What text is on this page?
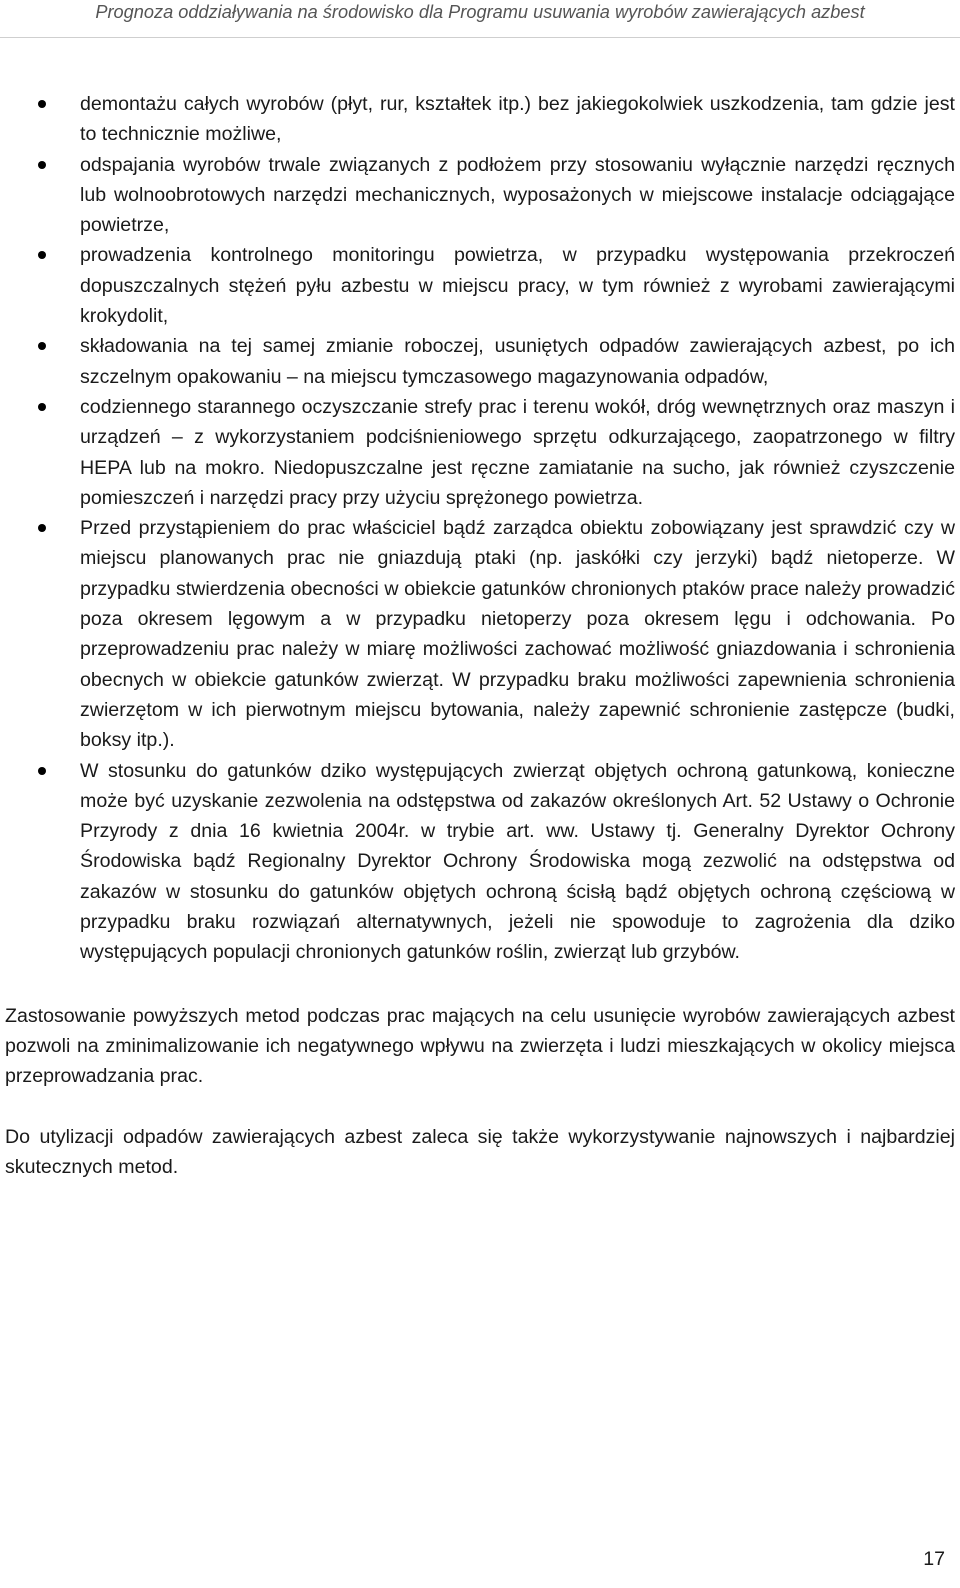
Prognoza oddziaływania na środowisko dla Programu usuwania wyrobów zawierających azbest
demontażu całych wyrobów (płyt, rur, kształtek itp.) bez jakiegokolwiek uszkodzenia, tam gdzie jest to technicznie możliwe,
odspajania wyrobów trwale związanych z podłożem przy stosowaniu wyłącznie narzędzi ręcznych lub wolnoobrotowych narzędzi mechanicznych, wyposażonych w miejscowe instalacje odciągające powietrze,
prowadzenia kontrolnego monitoringu powietrza, w przypadku występowania przekroczeń dopuszczalnych stężeń pyłu azbestu w miejscu pracy, w tym również z wyrobami zawierającymi krokydolit,
składowania na tej samej zmianie roboczej, usuniętych odpadów zawierających azbest, po ich szczelnym opakowaniu – na miejscu tymczasowego magazynowania odpadów,
codziennego starannego oczyszczanie strefy prac i terenu wokół, dróg wewnętrznych oraz maszyn i urządzeń – z wykorzystaniem podciśnieniowego sprzętu odkurzającego, zaopatrzonego w filtry HEPA lub na mokro. Niedopuszczalne jest ręczne zamiatanie na sucho, jak również czyszczenie pomieszczeń i narzędzi pracy przy użyciu sprężonego powietrza.
Przed przystąpieniem do prac właściciel bądź zarządca obiektu zobowiązany jest sprawdzić czy w miejscu planowanych prac nie gniazdują ptaki (np. jaskółki czy jerzyki) bądź nietoperze. W przypadku stwierdzenia obecności w obiekcie gatunków chronionych ptaków prace należy prowadzić poza okresem lęgowym a w przypadku nietoperzy poza okresem lęgu i odchowania. Po przeprowadzeniu prac należy w miarę możliwości zachować możliwość gniazdowania i schronienia obecnych w obiekcie gatunków zwierząt. W przypadku braku możliwości zapewnienia schronienia zwierzętom w ich pierwotnym miejscu bytowania, należy zapewnić schronienie zastępcze (budki, boksy itp.).
W stosunku do gatunków dziko występujących zwierząt objętych ochroną gatunkową, konieczne może być uzyskanie zezwolenia na odstępstwa od zakazów określonych Art. 52 Ustawy o Ochronie Przyrody z dnia 16 kwietnia 2004r. w trybie art. ww. Ustawy tj. Generalny Dyrektor Ochrony Środowiska bądź Regionalny Dyrektor Ochrony Środowiska mogą zezwolić na odstępstwa od zakazów w stosunku do gatunków objętych ochroną ścisłą bądź objętych ochroną częściową w przypadku braku rozwiązań alternatywnych, jeżeli nie spowoduje to zagrożenia dla dziko występujących populacji chronionych gatunków roślin, zwierząt lub grzybów.

Zastosowanie powyższych metod podczas prac mających na celu usunięcie wyrobów zawierających azbest pozwoli na zminimalizowanie ich negatywnego wpływu na zwierzęta i ludzi mieszkających w okolicy miejsca przeprowadzania prac.

Do utylizacji odpadów zawierających azbest zaleca się także wykorzystywanie najnowszych i najbardziej skutecznych metod.

17
